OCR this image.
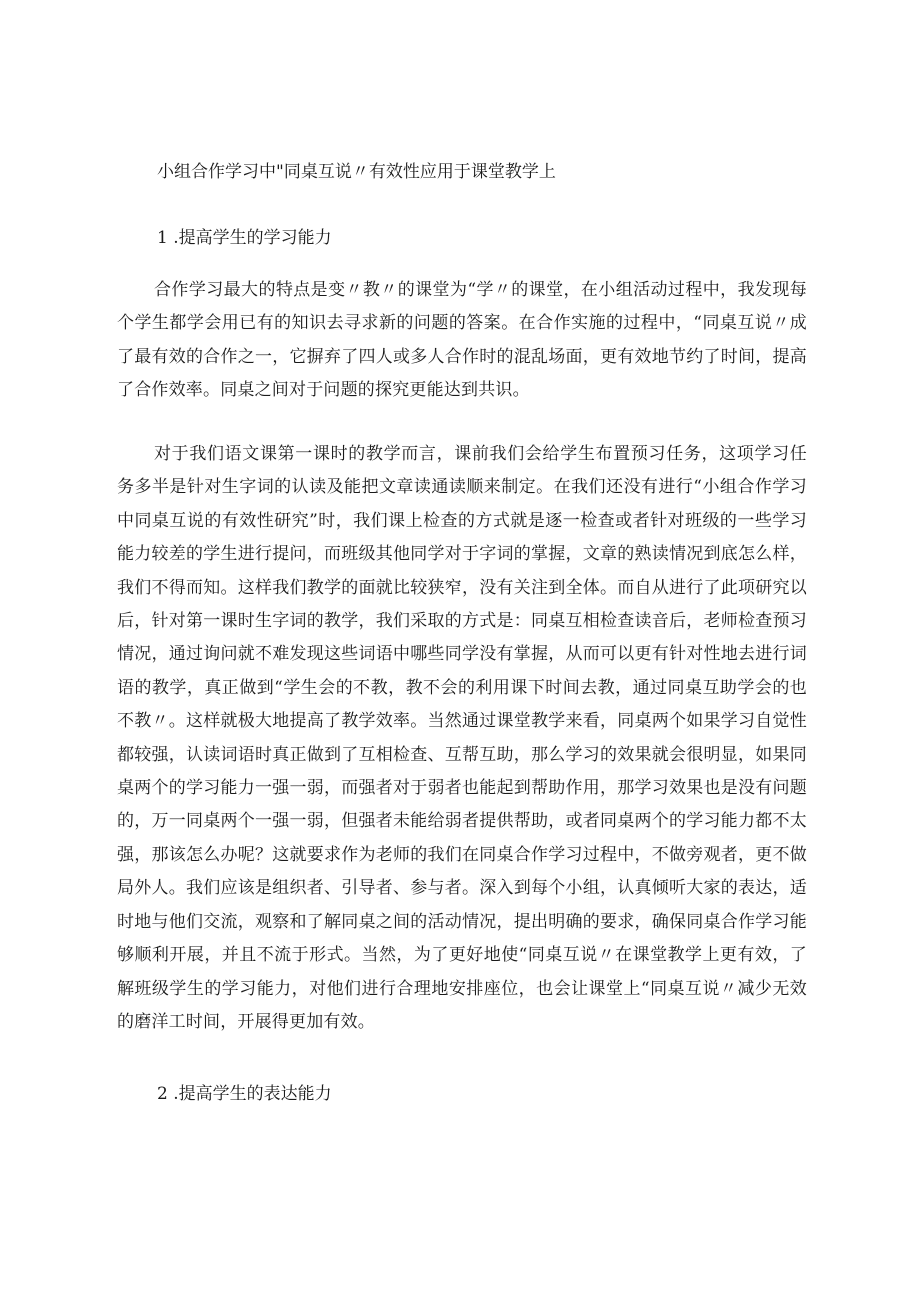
小组合作学习中"同桌互说〃有效性应用于课堂教学上
1 .提高学生的学习能力

合作学习最大的特点是变〃教〃的课堂为“学〃的课堂，在小组活动过程中，我发现每个学生都学会用已有的知识去寻求新的问题的答案。在合作实施的过程中，“同桌互说〃成了最有效的合作之一，它摒弃了四人或多人合作时的混乱场面，更有效地节约了时间，提高了合作效率。同桌之间对于问题的探究更能达到共识。

对于我们语文课第一课时的教学而言，课前我们会给学生布置预习任务，这项学习任务多半是针对生字词的认读及能把文章读通读顺来制定。在我们还没有进行“小组合作学习中同桌互说的有效性研究”时，我们课上检查的方式就是逐一检查或者针对班级的一些学习能力较差的学生进行提问，而班级其他同学对于字词的掌握，文章的熟读情况到底怎么样，我们不得而知。这样我们教学的面就比较狭窄，没有关注到全体。而自从进行了此项研究以后，针对第一课时生字词的教学，我们采取的方式是：同桌互相检查读音后，老师检查预习情况，通过询问就不难发现这些词语中哪些同学没有掌握，从而可以更有针对性地去进行词语的教学，真正做到“学生会的不教，教不会的利用课下时间去教，通过同桌互助学会的也不教〃。这样就极大地提高了教学效率。当然通过课堂教学来看，同桌两个如果学习自觉性都较强，认读词语时真正做到了互相检查、互帮互助，那么学习的效果就会很明显，如果同桌两个的学习能力一强一弱，而强者对于弱者也能起到帮助作用，那学习效果也是没有问题的，万一同桌两个一强一弱，但强者未能给弱者提供帮助，或者同桌两个的学习能力都不太强，那该怎么办呢？这就要求作为老师的我们在同桌合作学习过程中，不做旁观者，更不做局外人。我们应该是组织者、引导者、参与者。深入到每个小组，认真倾听大家的表达，适时地与他们交流，观察和了解同桌之间的活动情况，提出明确的要求，确保同桌合作学习能够顺利开展，并且不流于形式。当然，为了更好地使“同桌互说〃在课堂教学上更有效，了解班级学生的学习能力，对他们进行合理地安排座位，也会让课堂上“同桌互说〃减少无效的磨洋工时间，开展得更加有效。

2 .提高学生的表达能力
